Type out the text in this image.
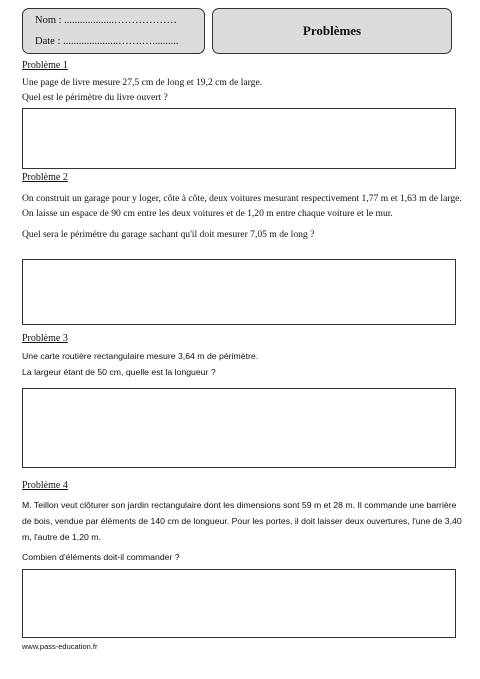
Nom : ...................………………
Date : .....................…….…..........
Problèmes
Problème 1

Une page de livre mesure 27,5 cm de long et 19,2 cm de large.

Quel est le périmètre du livre ouvert ?

Problème 2

On construit un garage pour y loger, côte à côte, deux voitures mesurant respectivement 1,77 m et 1,63 m de large.

On laisse un espace de 90 cm entre les deux voitures et de 1,20 m entre chaque voiture et le mur.

Quel sera le périmètre du garage sachant qu'il doit mesurer 7,05 m de long ?

Problème 3

Une carte routière rectangulaire mesure 3,64 m de périmètre.

La largeur étant de 50 cm, quelle est la longueur ?

Problème 4

M. Teillon veut clôturer son jardin rectangulaire dont les dimensions sont 59 m et 28 m. Il commande une barrière de bois, vendue par éléments de 140 cm de longueur. Pour les portes, il doit laisser deux ouvertures, l'une de 3,40 m, l'autre de 1,20 m.

Combien d'éléments doit-il commander ?

www.pass-education.fr
